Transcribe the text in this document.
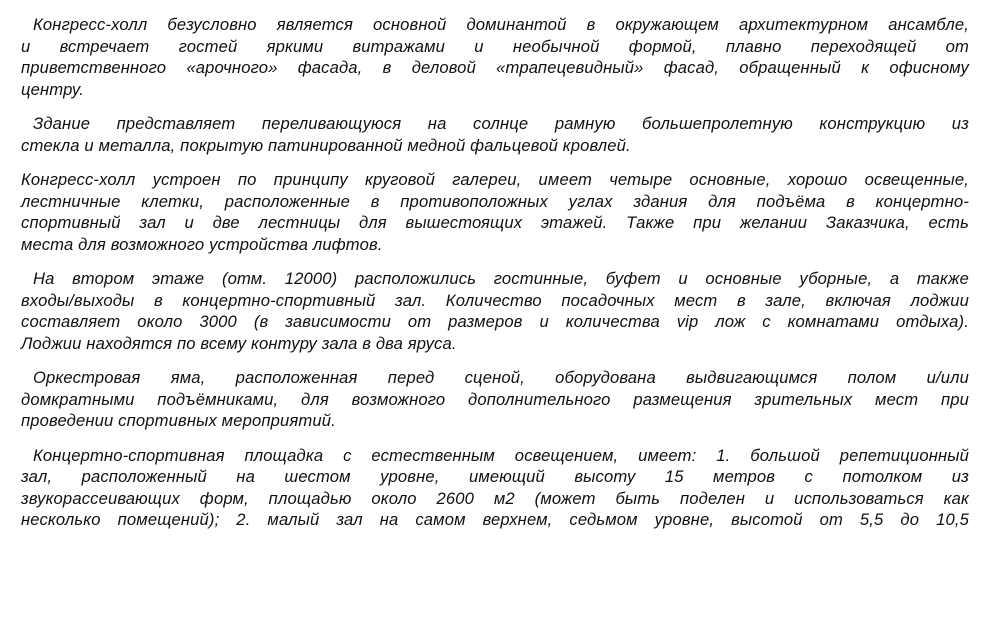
Конгресс-холл безусловно является основной доминантой в окружающем архитектурном ансамбле,
и встречает гостей яркими витражами и необычной формой, плавно переходящей от
приветственного «арочного» фасада, в деловой «трапецевидный» фасад, обращенный к офисному
центру.
Здание представляет переливающуюся на солнце рамную большепролетную конструкцию из
стекла и металла, покрытую патинированной медной фальцевой кровлей.
Конгресс-холл устроен по принципу круговой галереи, имеет четыре основные, хорошо освещенные,
лестничные клетки, расположенные в противоположных углах здания для подъёма в концертно-
спортивный зал и две лестницы для вышестоящих этажей. Также при желании Заказчика, есть
места для возможного устройства лифтов.
На втором этаже (отм. 12000) расположились гостинные, буфет и основные уборные, а также
входы/выходы в концертно-спортивный зал. Количество посадочных мест в зале, включая лоджии
составляет около 3000 (в зависимости от размеров и количества vip лож с комнатами отдыха).
Лоджии находятся по всему контуру зала в два яруса.
Оркестровая яма, расположенная перед сценой, оборудована выдвигающимся полом и/или
домкратными подъёмниками, для возможного дополнительного размещения зрительных мест при
проведении спортивных мероприятий.
Концертно-спортивная площадка с естественным освещением, имеет: 1. большой репетиционный
зал, расположенный на шестом уровне, имеющий высоту 15 метров с потолком из
звукорассеивающих форм, площадью около 2600 м2 (может быть поделен и использоваться как
несколько помещений); 2. малый зал на самом верхнем, седьмом уровне, высотой от 5,5 до 10,5
